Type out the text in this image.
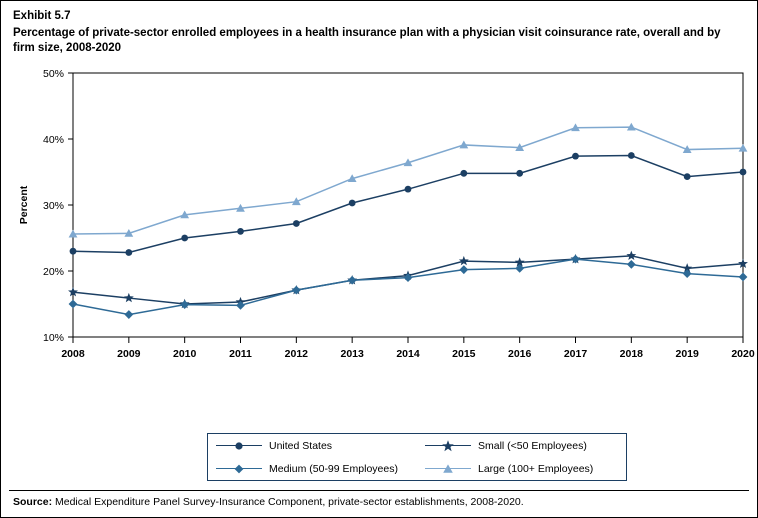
Exhibit 5.7
Percentage of private-sector enrolled employees in a health insurance plan with a physician visit coinsurance rate, overall and by firm size, 2008-2020
10%
20%
30%
40%
50%
Percent
2008	2009	2010	2011	2012	2013	2014	2015	2016	2017	2018	2019	2020
United States	Small (<50 Employees)
Medium (50-99 Employees)	Large (100+ Employees)
Source: Medical Expenditure Panel Survey-Insurance Component, private-sector establishments, 2008-2020.
